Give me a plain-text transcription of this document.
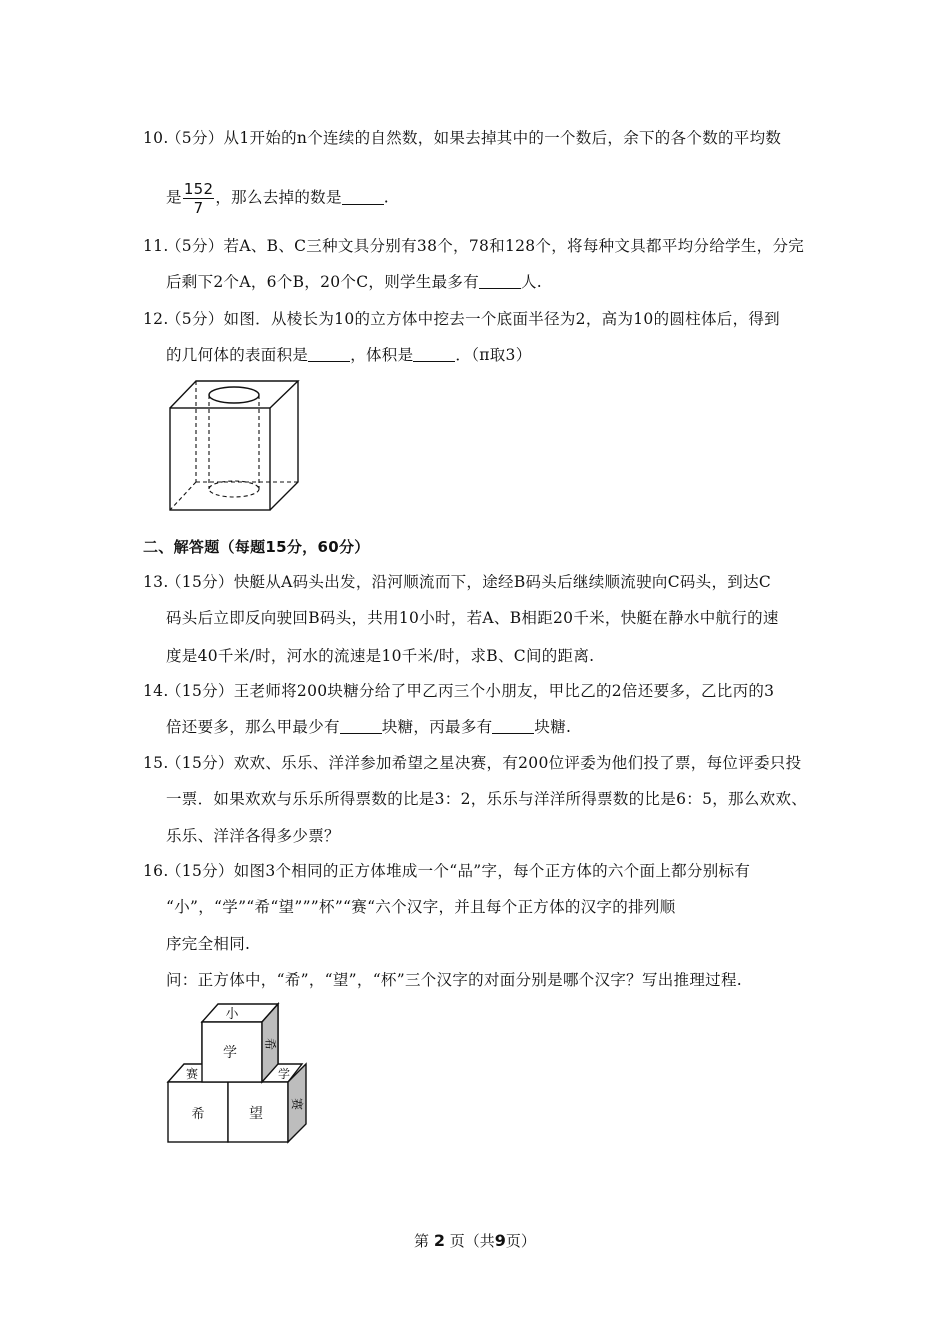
10.
（5分）从1开始的n个连续的自然数，如果去掉其中的一个数后，余下的各个数的平均数
是 $\frac{152}{7}$ ，那么去掉的数是	.
11.
（5分）若A、B、C三种文具分别有38个，78和128个，将每种文具都平均分给学生，分完
后剩下2个A，6个B，20个C，则学生最多有	人.
12.
（5分）如图．从棱长为10的立方体中挖去一个底面半径为2，高为10的圆柱体后，得到
的几何体的表面积是	，体积是	．（π取3）
二、解答题（每题15分，60分）
13.
（15分）快艇从A码头出发，沿河顺流而下，途经B码头后继续顺流驶向C码头，到达C
码头后立即反向驶回B码头，共用10小时，若A、B相距20千米，快艇在静水中航行的速
度是40千米/时，河水的流速是10千米/时，求B、C间的距离.
14.
（15分）王老师将200块糖分给了甲乙丙三个小朋友，甲比乙的2倍还要多，乙比丙的3
倍还要多，那么甲最少有	块糖，丙最多有	块糖.
15.
（15分）欢欢、乐乐、洋洋参加希望之星决赛，有200位评委为他们投了票，每位评委只投
一票．如果欢欢与乐乐所得票数的比是3：2，乐乐与洋洋所得票数的比是6：5，那么欢欢、
乐乐、洋洋各得多少票？
16.
（15分）如图3个相同的正方体堆成一个“品”字，每个正方体的六个面上都分别标有
“小”，“学”“希“望”””杯”“赛“六个汉字，并且每个正方体的汉字的排列顺
序完全相同.
问：正方体中，“希”，“望”，“杯”三个汉字的对面分别是哪个汉字？写出推理过程.
小
学
希
赛
希
学
望
赛
第 2 页（共9页）
